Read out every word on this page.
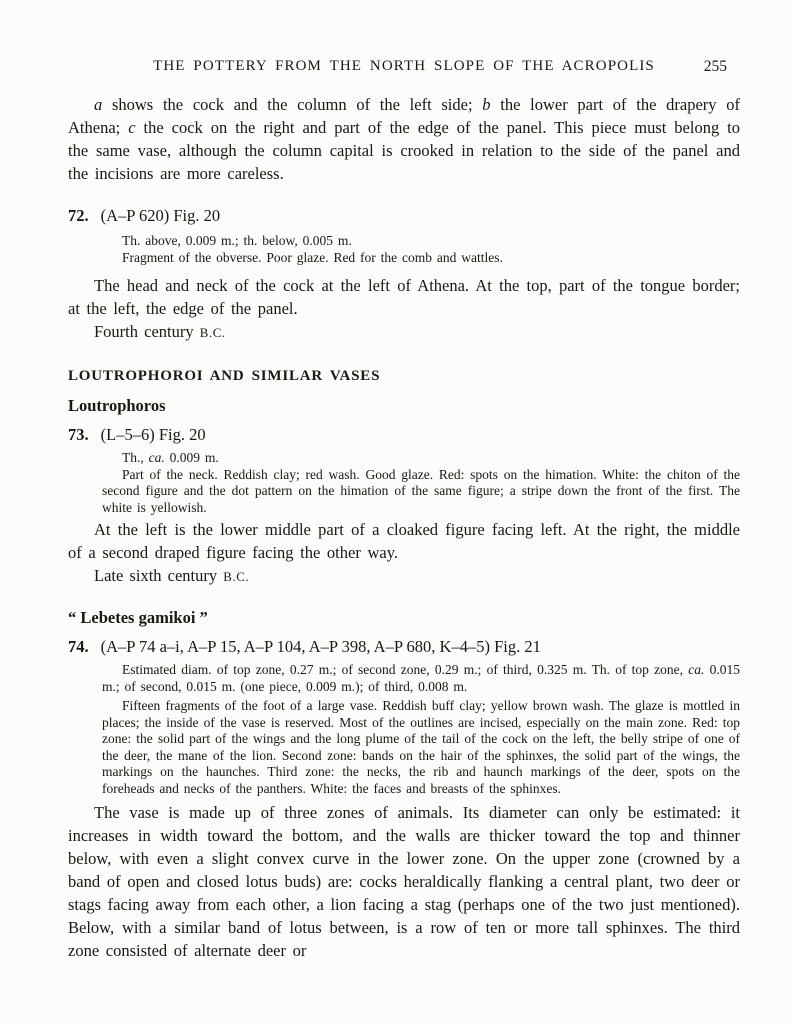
THE POTTERY FROM THE NORTH SLOPE OF THE ACROPOLIS	255

a shows the cock and the column of the left side; b the lower part of the drapery of Athena; c the cock on the right and part of the edge of the panel. This piece must belong to the same vase, although the column capital is crooked in relation to the side of the panel and the incisions are more careless.

72. (A–P 620) Fig. 20

Th. above, 0.009 m.; th. below, 0.005 m.

Fragment of the obverse. Poor glaze. Red for the comb and wattles.

The head and neck of the cock at the left of Athena. At the top, part of the tongue border; at the left, the edge of the panel.

Fourth century B.C.

LOUTROPHOROI AND SIMILAR VASES
Loutrophoros
73. (L–5–6) Fig. 20

Th., ca. 0.009 m.

Part of the neck. Reddish clay; red wash. Good glaze. Red: spots on the himation. White: the chiton of the second figure and the dot pattern on the himation of the same figure; a stripe down the front of the first. The white is yellowish.

At the left is the lower middle part of a cloaked figure facing left. At the right, the middle of a second draped figure facing the other way.

Late sixth century B.C.

“ Lebetes gamikoi ”
74. (A–P 74 a–i, A–P 15, A–P 104, A–P 398, A–P 680, K–4–5) Fig. 21

Estimated diam. of top zone, 0.27 m.; of second zone, 0.29 m.; of third, 0.325 m. Th. of top zone, ca. 0.015 m.; of second, 0.015 m. (one piece, 0.009 m.); of third, 0.008 m.

Fifteen fragments of the foot of a large vase. Reddish buff clay; yellow brown wash. The glaze is mottled in places; the inside of the vase is reserved. Most of the outlines are incised, especially on the main zone. Red: top zone: the solid part of the wings and the long plume of the tail of the cock on the left, the belly stripe of one of the deer, the mane of the lion. Second zone: bands on the hair of the sphinxes, the solid part of the wings, the markings on the haunches. Third zone: the necks, the rib and haunch markings of the deer, spots on the foreheads and necks of the panthers. White: the faces and breasts of the sphinxes.

The vase is made up of three zones of animals. Its diameter can only be estimated: it increases in width toward the bottom, and the walls are thicker toward the top and thinner below, with even a slight convex curve in the lower zone. On the upper zone (crowned by a band of open and closed lotus buds) are: cocks heraldically flanking a central plant, two deer or stags facing away from each other, a lion facing a stag (perhaps one of the two just mentioned). Below, with a similar band of lotus between, is a row of ten or more tall sphinxes. The third zone consisted of alternate deer or
